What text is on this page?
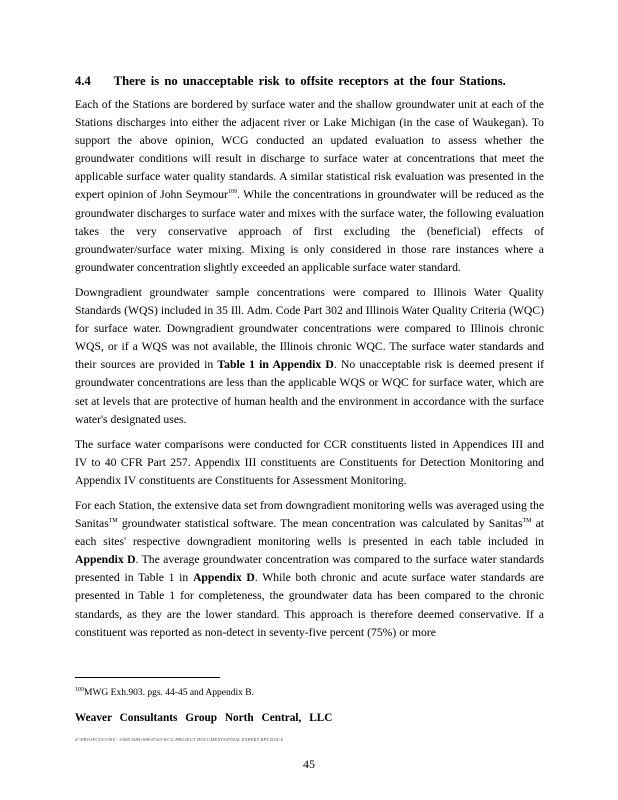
4.4 There is no unacceptable risk to offsite receptors at the four Stations.

Each of the Stations are bordered by surface water and the shallow groundwater unit at each of the Stations discharges into either the adjacent river or Lake Michigan (in the case of Waukegan). To support the above opinion, WCG conducted an updated evaluation to assess whether the groundwater conditions will result in discharge to surface water at concentrations that meet the applicable surface water quality standards. A similar statistical risk evaluation was presented in the expert opinion of John Seymour$^{109}$. While the concentrations in groundwater will be reduced as the groundwater discharges to surface water and mixes with the surface water, the following evaluation takes the very conservative approach of first excluding the (beneficial) effects of groundwater/surface water mixing. Mixing is only considered in those rare instances where a groundwater concentration slightly exceeded an applicable surface water standard.

Downgradient groundwater sample concentrations were compared to Illinois Water Quality Standards (WQS) included in 35 Ill. Adm. Code Part 302 and Illinois Water Quality Criteria (WQC) for surface water. Downgradient groundwater concentrations were compared to Illinois chronic WQS, or if a WQS was not available, the Illinois chronic WQC. The surface water standards and their sources are provided in Table 1 in Appendix D. No unacceptable risk is deemed present if groundwater concentrations are less than the applicable WQS or WQC for surface water, which are set at levels that are protective of human health and the environment in accordance with the surface water's designated uses.

The surface water comparisons were conducted for CCR constituents listed in Appendices III and IV to 40 CFR Part 257. Appendix III constituents are Constituents for Detection Monitoring and Appendix IV constituents are Constituents for Assessment Monitoring.

For each Station, the extensive data set from downgradient monitoring wells was averaged using the Sanitas™ groundwater statistical software. The mean concentration was calculated by Sanitas™ at each sites' respective downgradient monitoring wells is presented in each table included in Appendix D. The average groundwater concentration was compared to the surface water standards presented in Table 1 in Appendix D. While both chronic and acute surface water standards are presented in Table 1 for completeness, the groundwater data has been compared to the chronic standards, as they are the lower standard. This approach is therefore deemed conservative. If a constituent was reported as non-detect in seventy-five percent (75%) or more

$^{109}$MWG Exh.903. pgs. 44-45 and Appendix B.
Weaver Consultants Group North Central, LLC
Z:\PROJECTS\3384 - 3384\3384\388\07\03\WCG PROJECT DOCUMENTS\FINAL EXPERT RPT.DOCX
45
